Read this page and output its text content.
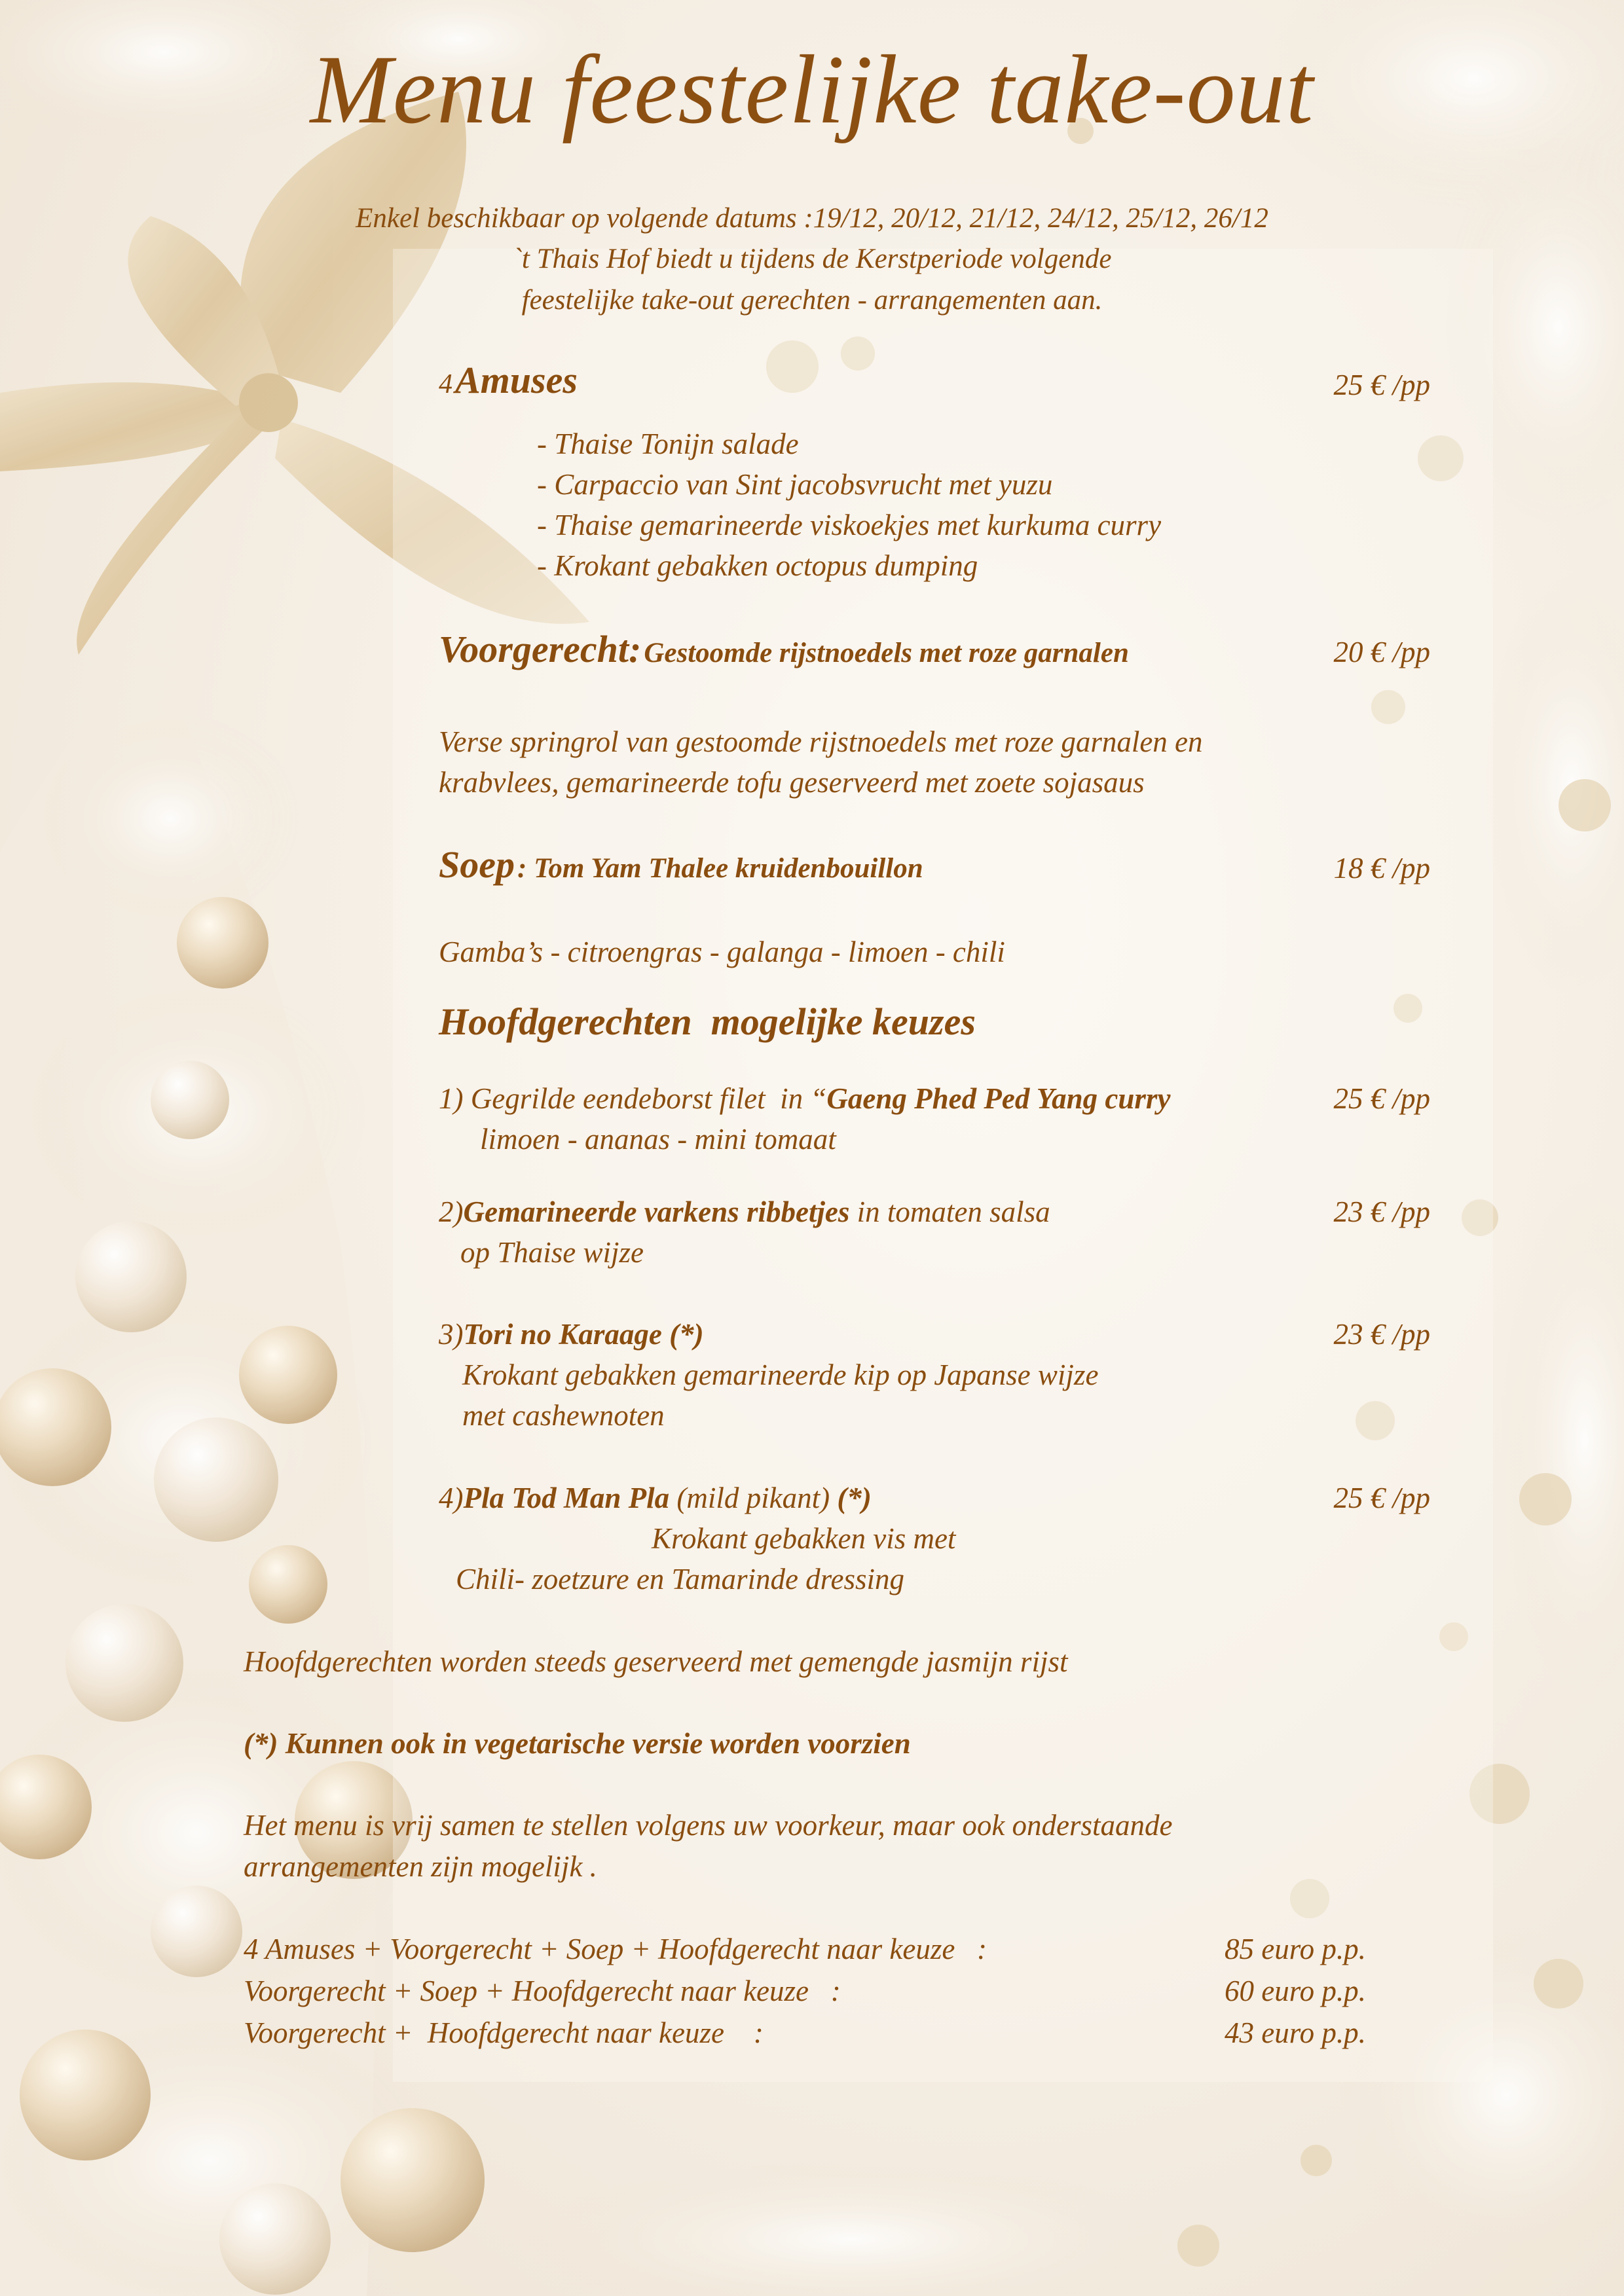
Menu feestelijke take-out
Enkel beschikbaar op volgende datums :19/12, 20/12, 21/12, 24/12, 25/12, 26/12
`t Thais Hof biedt u tijdens de Kerstperiode volgende
feestelijke take-out gerechten - arrangementen aan.
4 Amuses	25 € /pp
- Thaise Tonijn salade
- Carpaccio van Sint jacobsvrucht met yuzu
- Thaise gemarineerde viskoekjes met kurkuma curry
- Krokant gebakken octopus dumping
Voorgerecht: Gestoomde rijstnoedels met roze garnalen	20 € /pp
Verse springrol van gestoomde rijstnoedels met roze garnalen en
krabvlees, gemarineerde tofu geserveerd met zoete sojasaus
Soep : Tom Yam Thalee kruidenbouillon	18 € /pp
Gamba’s - citroengras - galanga - limoen - chili
Hoofdgerechten  mogelijke keuzes
1) Gegrilde eendeborst filet  in “Gaeng Phed Ped Yang curry	25 € /pp
limoen - ananas - mini tomaat
2)Gemarineerde varkens ribbetjes in tomaten salsa	23 € /pp
op Thaise wijze
3)Tori no Karaage (*)	23 € /pp
Krokant gebakken gemarineerde kip op Japanse wijze
met cashewnoten
4)Pla Tod Man Pla (mild pikant) (*)	25 € /pp
Krokant gebakken vis met
Chili- zoetzure en Tamarinde dressing
Hoofdgerechten worden steeds geserveerd met gemengde jasmijn rijst
(*) Kunnen ook in vegetarische versie worden voorzien
Het menu is vrij samen te stellen volgens uw voorkeur, maar ook onderstaande
arrangementen zijn mogelijk .
4 Amuses + Voorgerecht + Soep + Hoofdgerecht naar keuze   :	85 euro p.p.
Voorgerecht + Soep + Hoofdgerecht naar keuze   :	60 euro p.p.
Voorgerecht +  Hoofdgerecht naar keuze    :	43 euro p.p.
